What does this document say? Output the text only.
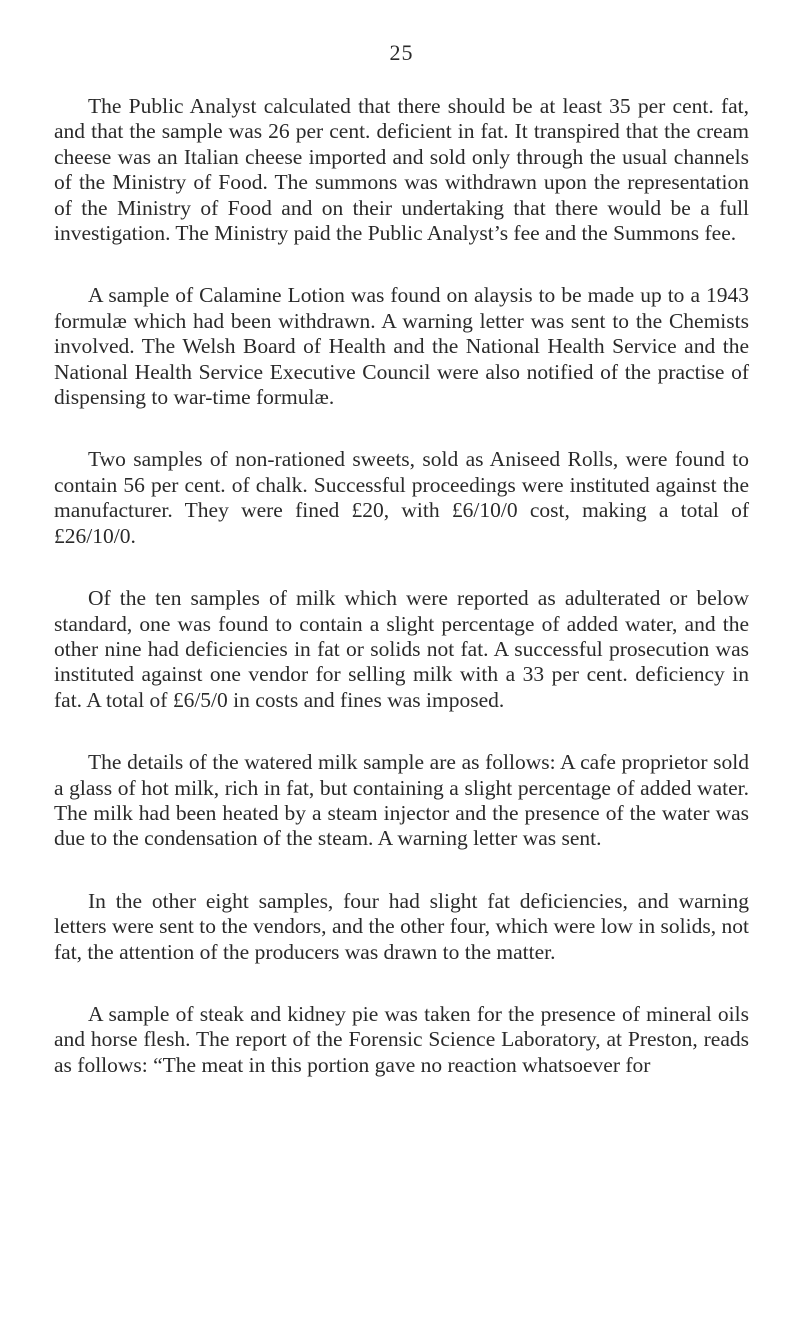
25

The Public Analyst calculated that there should be at least 35 per cent. fat, and that the sample was 26 per cent. deficient in fat. It transpired that the cream cheese was an Italian cheese imported and sold only through the usual channels of the Ministry of Food. The summons was withdrawn upon the representation of the Ministry of Food and on their undertaking that there would be a full investigation. The Ministry paid the Public Analyst’s fee and the Summons fee.

A sample of Calamine Lotion was found on alaysis to be made up to a 1943 formulæ which had been withdrawn. A warning letter was sent to the Chemists involved. The Welsh Board of Health and the National Health Service and the National Health Service Executive Council were also notified of the practise of dispensing to war-time formulæ.

Two samples of non-rationed sweets, sold as Aniseed Rolls, were found to contain 56 per cent. of chalk. Successful proceedings were instituted against the manufacturer. They were fined £20, with £6/10/0 cost, making a total of £26/10/0.

Of the ten samples of milk which were reported as adulterated or below standard, one was found to contain a slight percentage of added water, and the other nine had deficiencies in fat or solids not fat. A successful prosecution was instituted against one vendor for selling milk with a 33 per cent. deficiency in fat. A total of £6/5/0 in costs and fines was imposed.

The details of the watered milk sample are as follows: A cafe proprietor sold a glass of hot milk, rich in fat, but containing a slight percentage of added water. The milk had been heated by a steam injector and the presence of the water was due to the condensation of the steam. A warning letter was sent.

In the other eight samples, four had slight fat deficiencies, and warning letters were sent to the vendors, and the other four, which were low in solids, not fat, the attention of the producers was drawn to the matter.

A sample of steak and kidney pie was taken for the presence of mineral oils and horse flesh. The report of the Forensic Science Laboratory, at Preston, reads as follows: “The meat in this portion gave no reaction whatsoever for
